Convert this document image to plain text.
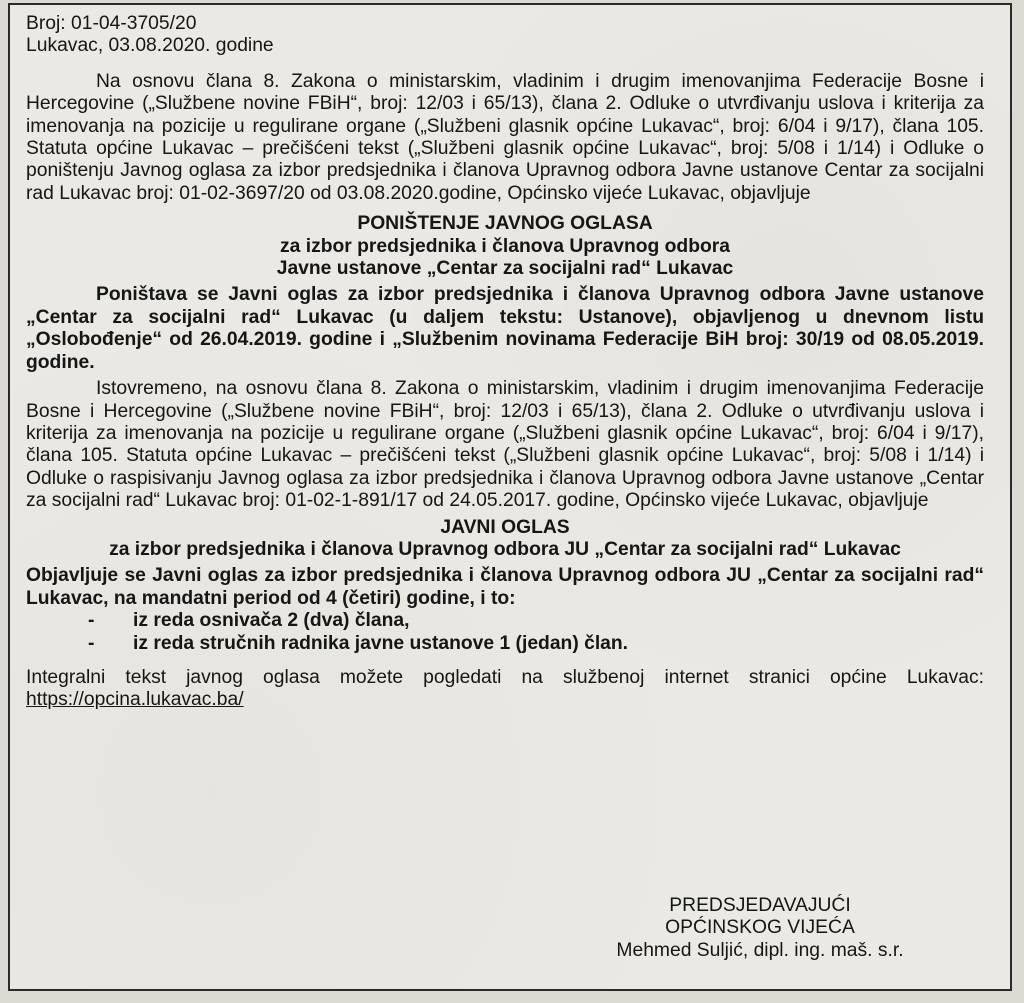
Broj: 01-04-3705/20

Lukavac, 03.08.2020. godine

Na osnovu člana 8. Zakona o ministarskim, vladinim i drugim imenovanjima Federacije Bosne i Hercegovine („Službene novine FBiH“, broj: 12/03 i 65/13), člana 2. Odluke o utvrđivanju uslova i kriterija za imenovanja na pozicije u regulirane organe („Službeni glasnik općine Lukavac“, broj: 6/04 i 9/17), člana 105. Statuta općine Lukavac – prečišćeni tekst („Službeni glasnik općine Lukavac“, broj: 5/08 i 1/14) i Odluke o poništenju Javnog oglasa za izbor predsjednika i članova Upravnog odbora Javne ustanove Centar za socijalni rad Lukavac broj: 01-02-3697/20 od 03.08.2020.godine, Općinsko vijeće Lukavac, objavljuje

PONIŠTENJE JAVNOG OGLASA
za izbor predsjednika i članova Upravnog odbora
Javne ustanove „Centar za socijalni rad“ Lukavac

Poništava se Javni oglas za izbor predsjednika i članova Upravnog odbora Javne ustanove „Centar za socijalni rad“ Lukavac (u daljem tekstu: Ustanove), objavljenog u dnevnom listu „Oslobođenje“ od 26.04.2019. godine i „Službenim novinama Federacije BiH broj: 30/19 od 08.05.2019. godine.

Istovremeno, na osnovu člana 8. Zakona o ministarskim, vladinim i drugim imenovanjima Federacije Bosne i Hercegovine („Službene novine FBiH“, broj: 12/03 i 65/13), člana 2. Odluke o utvrđivanju uslova i kriterija za imenovanja na pozicije u regulirane organe („Službeni glasnik općine Lukavac“, broj: 6/04 i 9/17), člana 105. Statuta općine Lukavac – prečišćeni tekst („Službeni glasnik općine Lukavac“, broj: 5/08 i 1/14) i Odluke o raspisivanju Javnog oglasa za izbor predsjednika i članova Upravnog odbora Javne ustanove „Centar za socijalni rad“ Lukavac broj: 01-02-1-891/17 od 24.05.2017. godine, Općinsko vijeće Lukavac, objavljuje

JAVNI OGLAS
za izbor predsjednika i članova Upravnog odbora JU „Centar za socijalni rad“ Lukavac

Objavljuje se Javni oglas za izbor predsjednika i članova Upravnog odbora JU „Centar za socijalni rad“ Lukavac, na mandatni period od 4 (četiri) godine, i to:

- iz reda osnivača 2 (dva) člana,
- iz reda stručnih radnika javne ustanove 1 (jedan) član.

Integralni tekst javnog oglasa možete pogledati na službenoj internet stranici općine Lukavac:

https://opcina.lukavac.ba/

PREDSJEDAVAJUĆI
OPĆINSKOG VIJEĆA
Mehmed Suljić, dipl. ing. maš. s.r.
